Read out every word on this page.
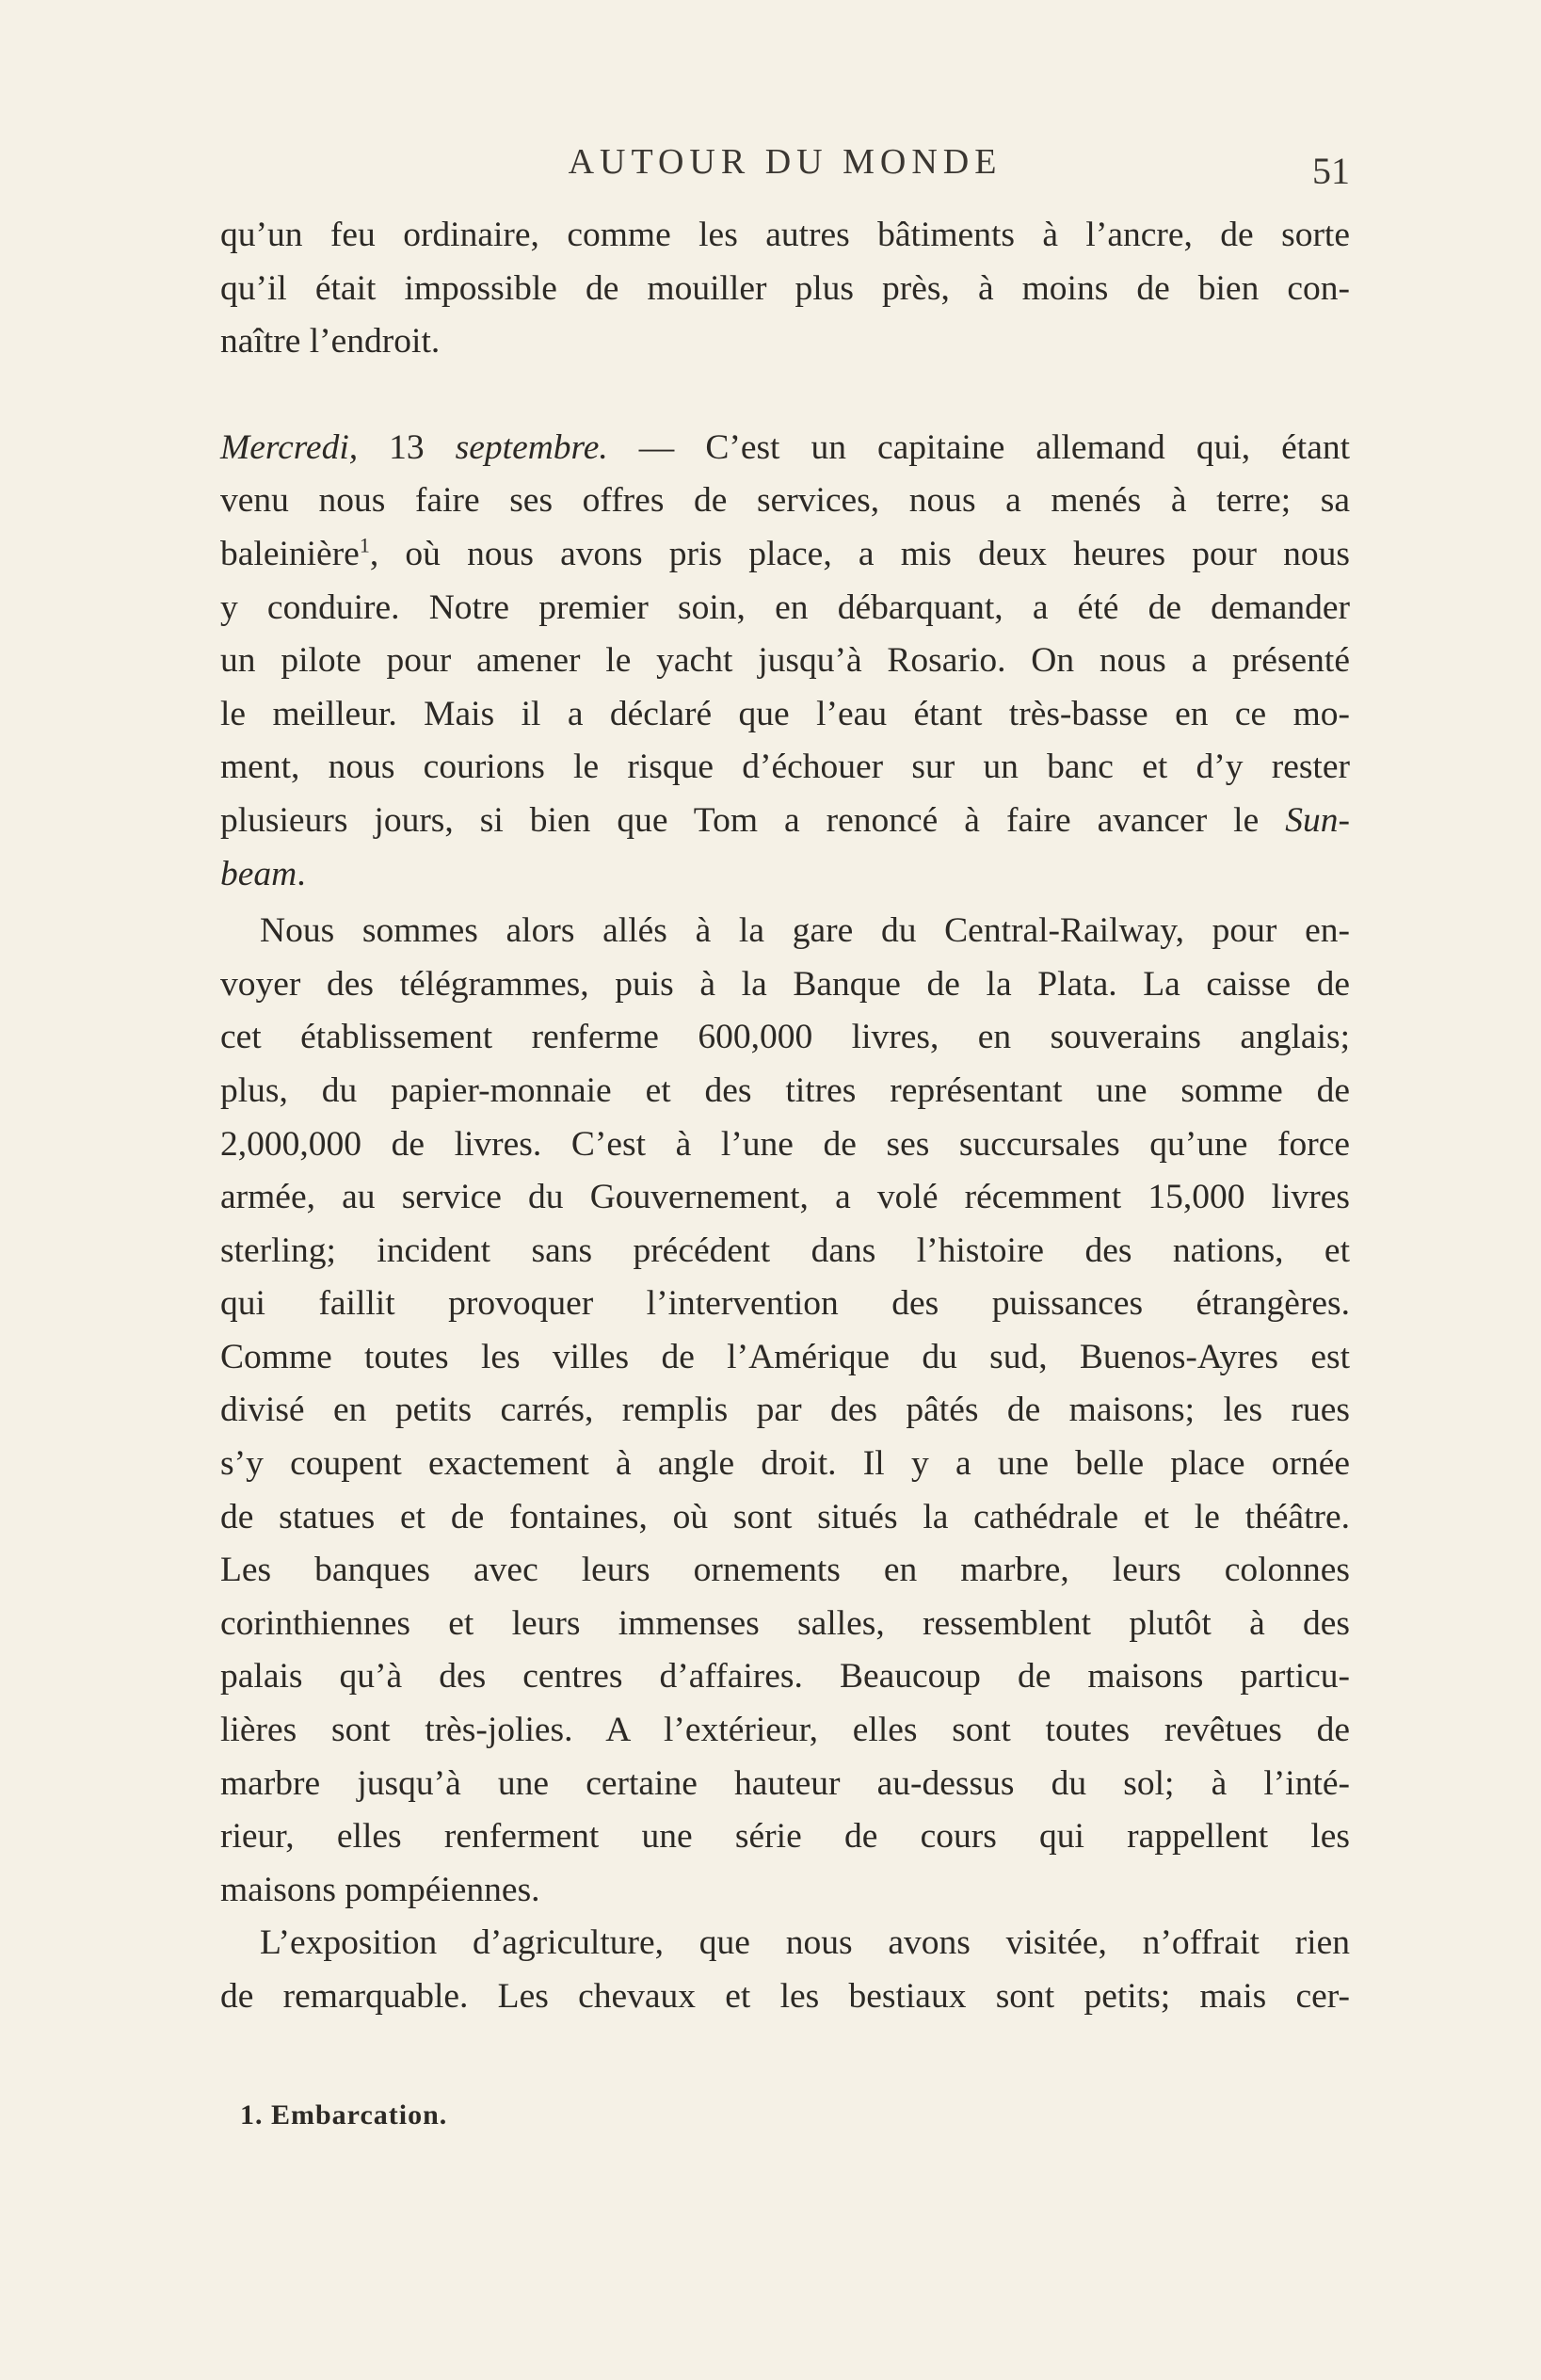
AUTOUR DU MONDE	51
qu’un feu ordinaire, comme les autres bâtiments à l’ancre, de sorte
qu’il était impossible de mouiller plus près, à moins de bien con-
naître l’endroit.
Mercredi, 13 septembre. — C’est un capitaine allemand qui, étant
venu nous faire ses offres de services, nous a menés à terre; sa
baleinière$^1$, où nous avons pris place, a mis deux heures pour nous
y conduire. Notre premier soin, en débarquant, a été de demander
un pilote pour amener le yacht jusqu’à Rosario. On nous a présenté
le meilleur. Mais il a déclaré que l’eau étant très-basse en ce mo-
ment, nous courions le risque d’échouer sur un banc et d’y rester
plusieurs jours, si bien que Tom a renoncé à faire avancer le Sun-
beam.
Nous sommes alors allés à la gare du Central-Railway, pour en-
voyer des télégrammes, puis à la Banque de la Plata. La caisse de
cet établissement renferme 600,000 livres, en souverains anglais;
plus, du papier-monnaie et des titres représentant une somme de
2,000,000 de livres. C’est à l’une de ses succursales qu’une force
armée, au service du Gouvernement, a volé récemment 15,000 livres
sterling; incident sans précédent dans l’histoire des nations, et
qui faillit provoquer l’intervention des puissances étrangères.
Comme toutes les villes de l’Amérique du sud, Buenos-Ayres est
divisé en petits carrés, remplis par des pâtés de maisons; les rues
s’y coupent exactement à angle droit. Il y a une belle place ornée
de statues et de fontaines, où sont situés la cathédrale et le théâtre.
Les banques avec leurs ornements en marbre, leurs colonnes
corinthiennes et leurs immenses salles, ressemblent plutôt à des
palais qu’à des centres d’affaires. Beaucoup de maisons particu-
lières sont très-jolies. A l’extérieur, elles sont toutes revêtues de
marbre jusqu’à une certaine hauteur au-dessus du sol; à l’inté-
rieur, elles renferment une série de cours qui rappellent les
maisons pompéiennes.
L’exposition d’agriculture, que nous avons visitée, n’offrait rien
de remarquable. Les chevaux et les bestiaux sont petits; mais cer-
1. Embarcation.
